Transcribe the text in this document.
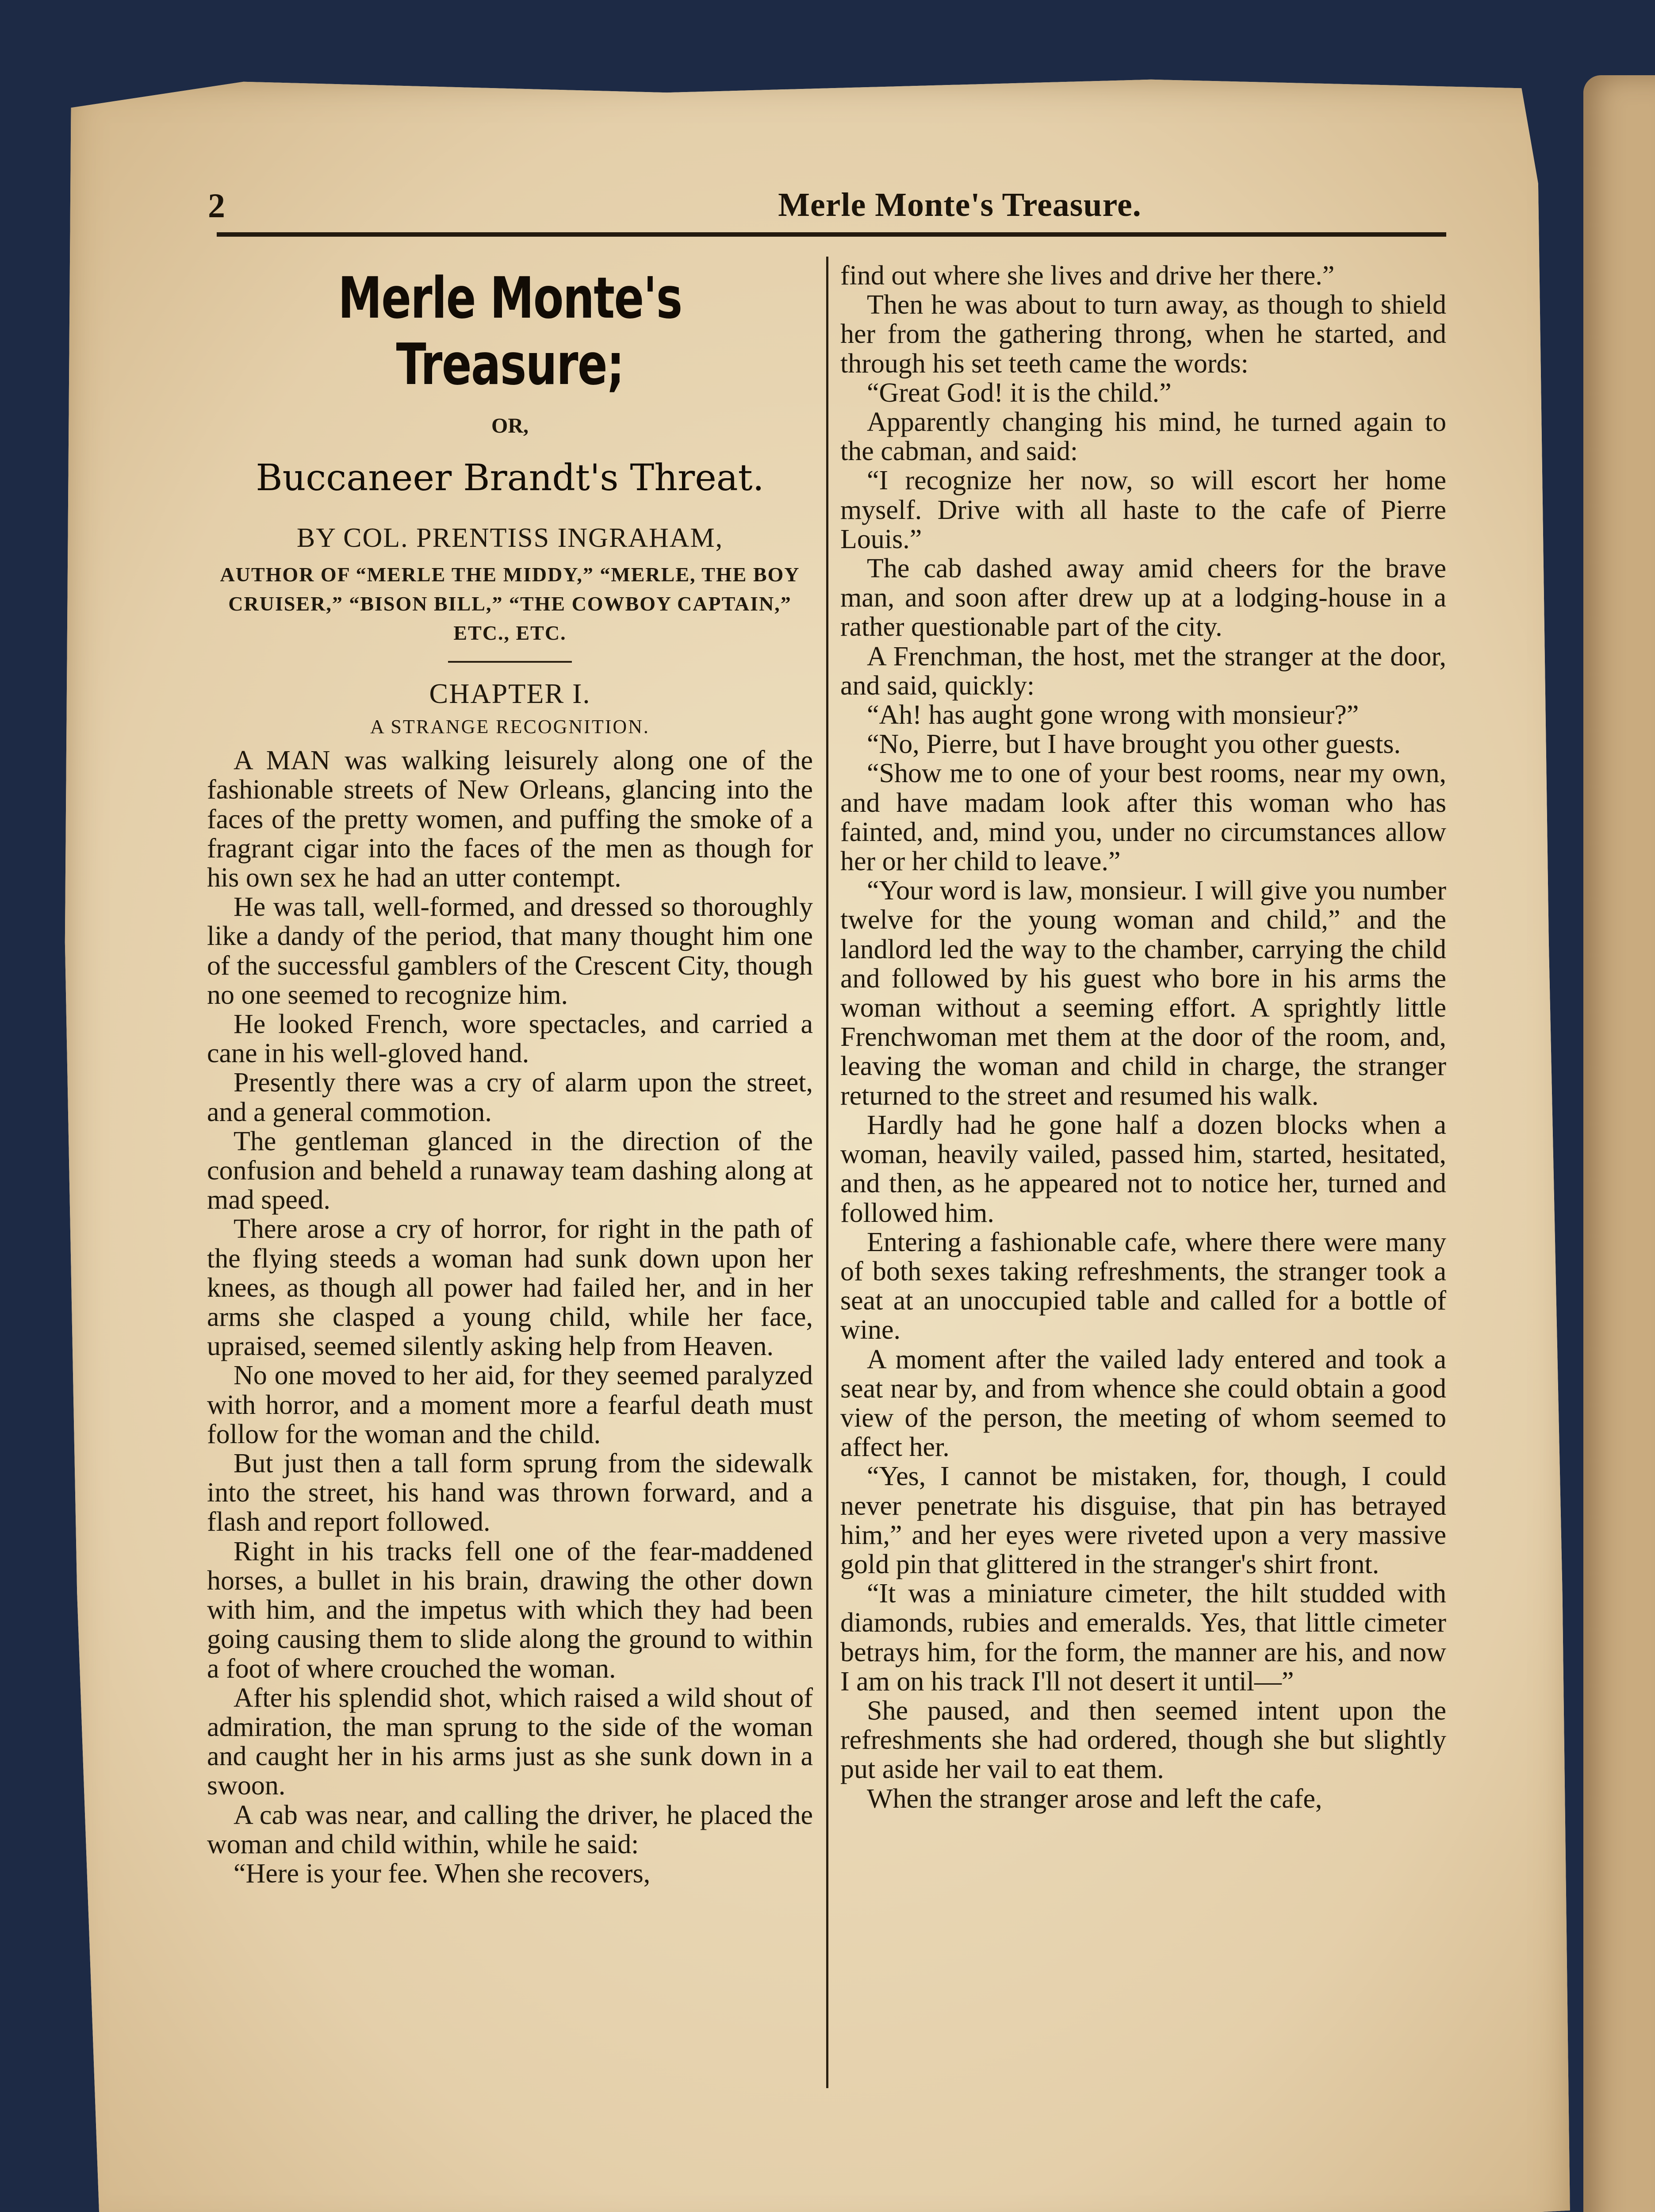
2	Merle Monte's Treasure.
Merle Monte's Treasure;
OR,
Buccaneer Brandt's Threat.
BY COL. PRENTISS INGRAHAM,
AUTHOR OF “MERLE THE MIDDY,” “MERLE, THE BOY CRUISER,” “BISON BILL,” “THE COWBOY CAPTAIN,” ETC., ETC.
CHAPTER I.
A STRANGE RECOGNITION.

A MAN was walking leisurely along one of the fashionable streets of New Orleans, glancing into the faces of the pretty women, and puffing the smoke of a fragrant cigar into the faces of the men as though for his own sex he had an utter contempt.

He was tall, well-formed, and dressed so thoroughly like a dandy of the period, that many thought him one of the successful gamblers of the Crescent City, though no one seemed to recognize him.

He looked French, wore spectacles, and carried a cane in his well-gloved hand.

Presently there was a cry of alarm upon the street, and a general commotion.

The gentleman glanced in the direction of the confusion and beheld a runaway team dashing along at mad speed.

There arose a cry of horror, for right in the path of the flying steeds a woman had sunk down upon her knees, as though all power had failed her, and in her arms she clasped a young child, while her face, upraised, seemed silently asking help from Heaven.

No one moved to her aid, for they seemed paralyzed with horror, and a moment more a fearful death must follow for the woman and the child.

But just then a tall form sprung from the sidewalk into the street, his hand was thrown forward, and a flash and report followed.

Right in his tracks fell one of the fear-maddened horses, a bullet in his brain, drawing the other down with him, and the impetus with which they had been going causing them to slide along the ground to within a foot of where crouched the woman.

After his splendid shot, which raised a wild shout of admiration, the man sprung to the side of the woman and caught her in his arms just as she sunk down in a swoon.

A cab was near, and calling the driver, he placed the woman and child within, while he said:

“Here is your fee. When she recovers,

find out where she lives and drive her there.”

Then he was about to turn away, as though to shield her from the gathering throng, when he started, and through his set teeth came the words:

“Great God! it is the child.”

Apparently changing his mind, he turned again to the cabman, and said:

“I recognize her now, so will escort her home myself. Drive with all haste to the cafe of Pierre Louis.”

The cab dashed away amid cheers for the brave man, and soon after drew up at a lodging-house in a rather questionable part of the city.

A Frenchman, the host, met the stranger at the door, and said, quickly:

“Ah! has aught gone wrong with monsieur?”

“No, Pierre, but I have brought you other guests.

“Show me to one of your best rooms, near my own, and have madam look after this woman who has fainted, and, mind you, under no circumstances allow her or her child to leave.”

“Your word is law, monsieur. I will give you number twelve for the young woman and child,” and the landlord led the way to the chamber, carrying the child and followed by his guest who bore in his arms the woman without a seeming effort. A sprightly little Frenchwoman met them at the door of the room, and, leaving the woman and child in charge, the stranger returned to the street and resumed his walk.

Hardly had he gone half a dozen blocks when a woman, heavily vailed, passed him, started, hesitated, and then, as he appeared not to notice her, turned and followed him.

Entering a fashionable cafe, where there were many of both sexes taking refreshments, the stranger took a seat at an unoccupied table and called for a bottle of wine.

A moment after the vailed lady entered and took a seat near by, and from whence she could obtain a good view of the person, the meeting of whom seemed to affect her.

“Yes, I cannot be mistaken, for, though, I could never penetrate his disguise, that pin has betrayed him,” and her eyes were riveted upon a very massive gold pin that glittered in the stranger's shirt front.

“It was a miniature cimeter, the hilt studded with diamonds, rubies and emeralds. Yes, that little cimeter betrays him, for the form, the manner are his, and now I am on his track I'll not desert it until—”

She paused, and then seemed intent upon the refreshments she had ordered, though she but slightly put aside her vail to eat them.

When the stranger arose and left the cafe,
